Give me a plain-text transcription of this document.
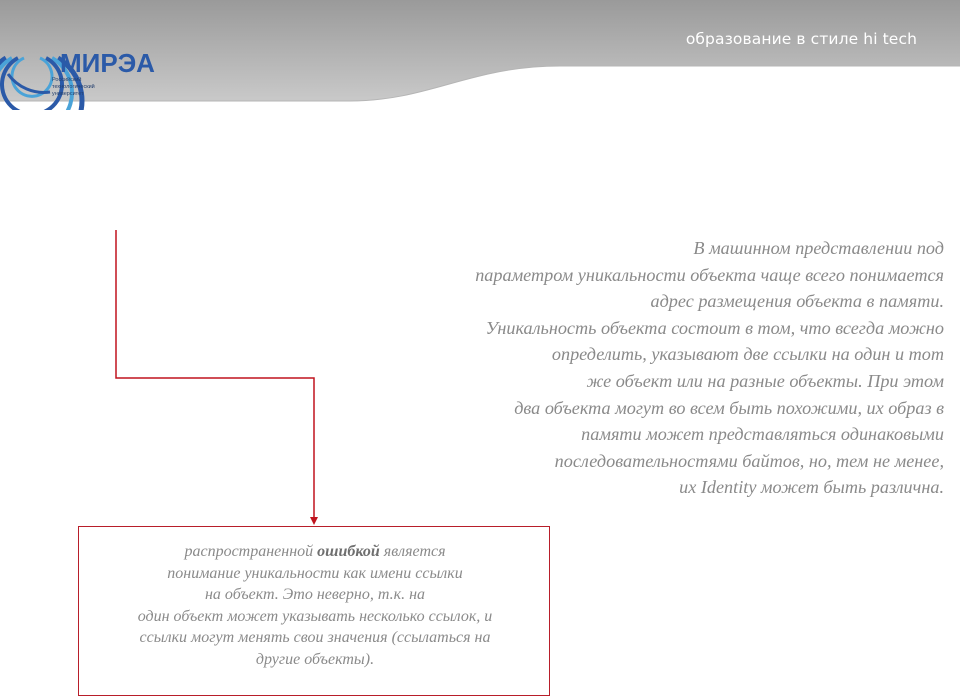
МИРЭА
Российский
технологический
университет
образование в стиле hi tech
В машинном представлении под
параметром уникальности объекта чаще всего понимается
адрес размещения объекта в памяти.
Уникальность объекта состоит в том, что всегда можно
определить, указывают две ссылки на один и тот
же объект или на разные объекты. При этом
два объекта могут во всем быть похожими, их образ в
памяти может представляться одинаковыми
последовательностями байтов, но, тем не менее,
их Identity может быть различна.
распространенной ошибкой является
понимание уникальности как имени ссылки
на объект. Это неверно, т.к. на
один объект может указывать несколько ссылок, и
ссылки могут менять свои значения (ссылаться на
другие объекты).
